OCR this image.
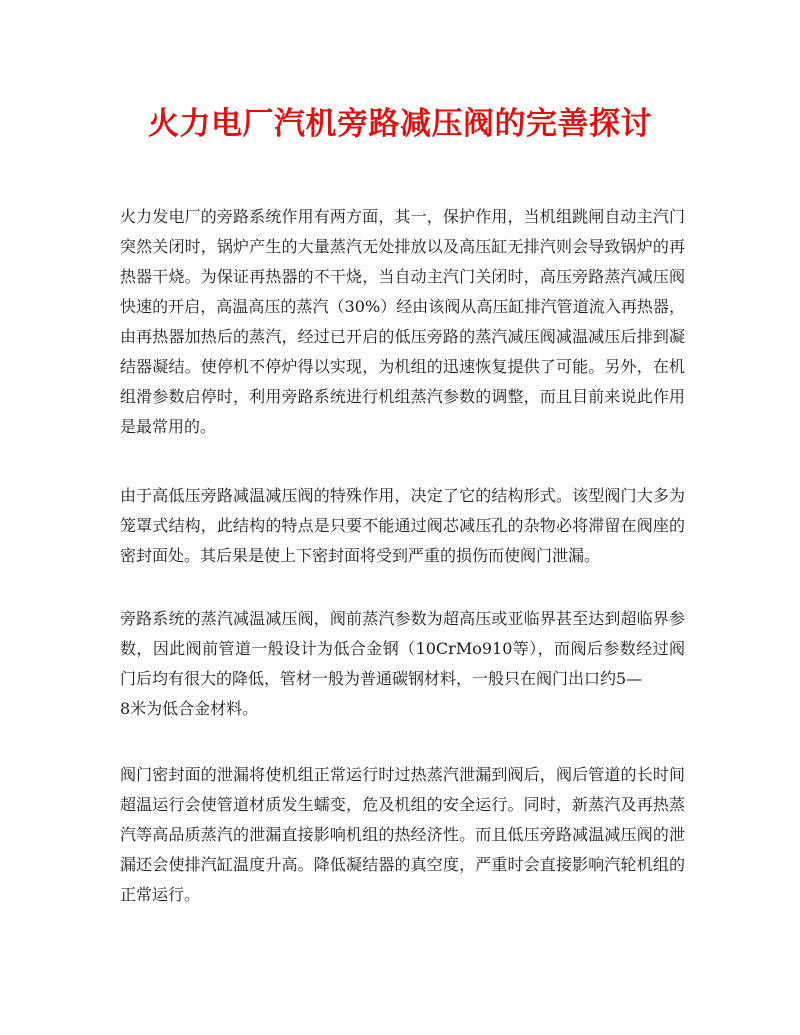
火力电厂汽机旁路减压阀的完善探讨

火力发电厂的旁路系统作用有两方面，其一，保护作用，当机组跳闸自动主汽门突然关闭时，锅炉产生的大量蒸汽无处排放以及高压缸无排汽则会导致锅炉的再热器干烧。为保证再热器的不干烧，当自动主汽门关闭时，高压旁路蒸汽减压阀快速的开启，高温高压的蒸汽（30%）经由该阀从高压缸排汽管道流入再热器，由再热器加热后的蒸汽，经过已开启的低压旁路的蒸汽减压阀减温减压后排到凝结器凝结。使停机不停炉得以实现，为机组的迅速恢复提供了可能。另外，在机组滑参数启停时，利用旁路系统进行机组蒸汽参数的调整，而且目前来说此作用是最常用的。

由于高低压旁路减温减压阀的特殊作用，决定了它的结构形式。该型阀门大多为笼罩式结构，此结构的特点是只要不能通过阀芯减压孔的杂物必将滞留在阀座的密封面处。其后果是使上下密封面将受到严重的损伤而使阀门泄漏。

旁路系统的蒸汽减温减压阀，阀前蒸汽参数为超高压或亚临界甚至达到超临界参数，因此阀前管道一般设计为低合金钢（10CrMo910等），而阀后参数经过阀门后均有很大的降低，管材一般为普通碳钢材料，一般只在阀门出口约5—
8米为低合金材料。

阀门密封面的泄漏将使机组正常运行时过热蒸汽泄漏到阀后，阀后管道的长时间超温运行会使管道材质发生蠕变，危及机组的安全运行。同时，新蒸汽及再热蒸汽等高品质蒸汽的泄漏直接影响机组的热经济性。而且低压旁路减温减压阀的泄漏还会使排汽缸温度升高。降低凝结器的真空度，严重时会直接影响汽轮机组的正常运行。
